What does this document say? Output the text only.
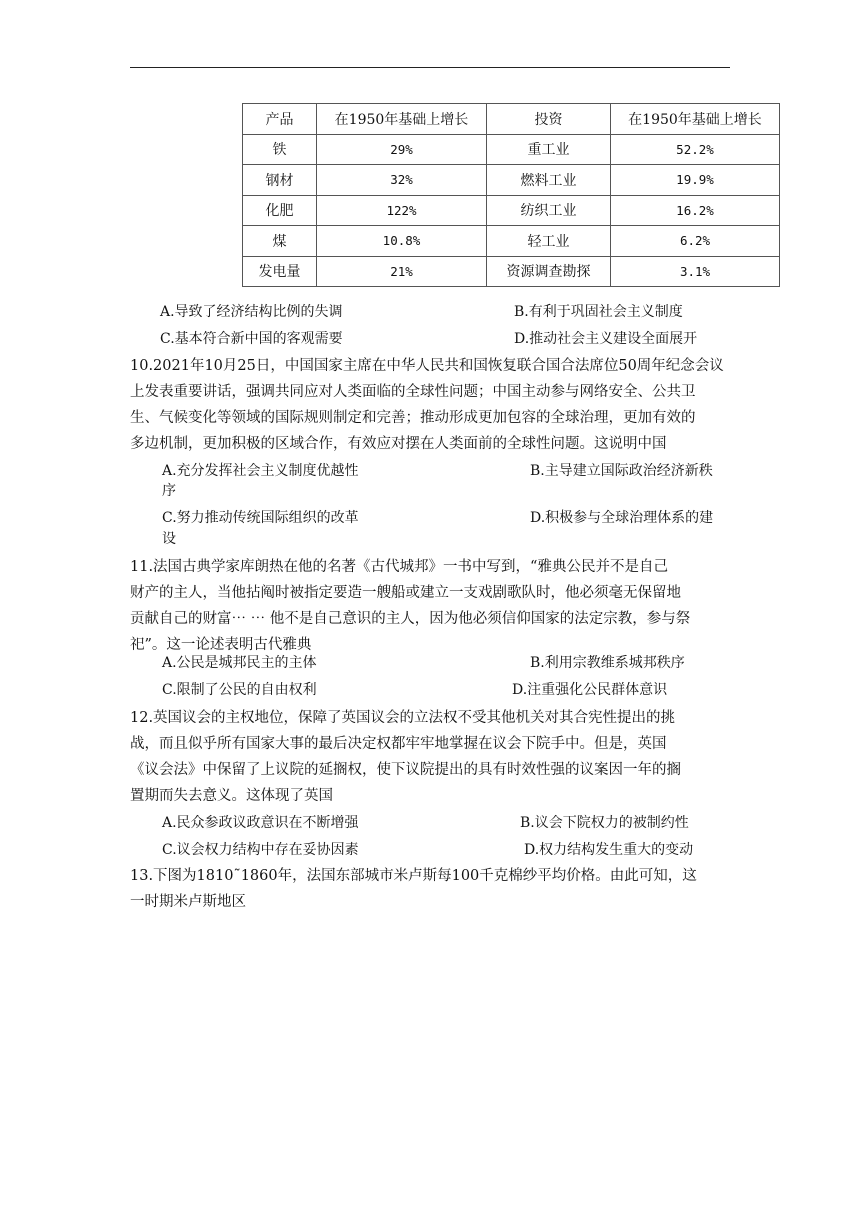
产品	在1950年基础上增长	投资	在1950年基础上增长
铁	29%	重工业	52.2%
钢材	32%	燃料工业	19.9%
化肥	122%	纺织工业	16.2%
煤	10.8%	轻工业	6.2%
发电量	21%	资源调查勘探	3.1%
A.导致了经济结构比例的失调	B.有利于巩固社会主义制度
C.基本符合新中国的客观需要	D.推动社会主义建设全面展开
10.2021年10月25日，中国国家主席在中华人民共和国恢复联合国合法席位50周年纪念会议
上发表重要讲话，强调共同应对人类面临的全球性问题；中国主动参与网络安全、公共卫
生、气候变化等领域的国际规则制定和完善；推动形成更加包容的全球治理，更加有效的
多边机制，更加积极的区域合作，有效应对摆在人类面前的全球性问题。这说明中国
A.充分发挥社会主义制度优越性	B.主导建立国际政治经济新秩
序
C.努力推动传统国际组织的改革	D.积极参与全球治理体系的建
设
11.法国古典学家库朗热在他的名著《古代城邦》一书中写到，“雅典公民并不是自己
财产的主人，当他拈阄时被指定要造一艘船或建立一支戏剧歌队时，他必须毫无保留地
贡献自己的财富⋯ ⋯ 他不是自己意识的主人，因为他必须信仰国家的法定宗教，参与祭
祀”。这一论述表明古代雅典
A.公民是城邦民主的主体	B.利用宗教维系城邦秩序
C.限制了公民的自由权利	D.注重强化公民群体意识
12.英国议会的主权地位，保障了英国议会的立法权不受其他机关对其合宪性提出的挑
战，而且似乎所有国家大事的最后决定权都牢牢地掌握在议会下院手中。但是，英国
《议会法》中保留了上议院的延搁权，使下议院提出的具有时效性强的议案因一年的搁
置期而失去意义。这体现了英国
A.民众参政议政意识在不断增强	B.议会下院权力的被制约性
C.议会权力结构中存在妥协因素	D.权力结构发生重大的变动
13.下图为1810˜1860年，法国东部城市米卢斯每100千克棉纱平均价格。由此可知，这
一时期米卢斯地区
